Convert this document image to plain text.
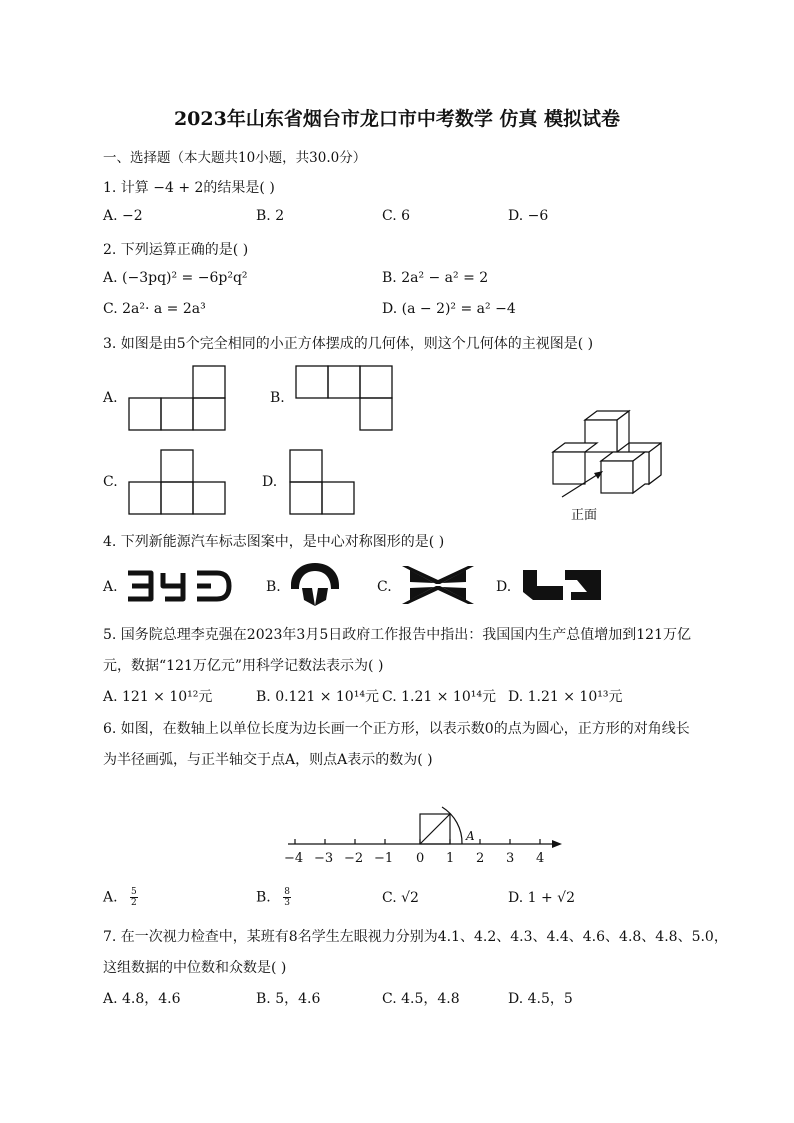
2023年山东省烟台市龙口市中考数学 仿真 模拟试卷
一、选择题（本大题共10小题，共30.0分）
1. 计算 −4 + 2的结果是( )
A. −2	B. 2	C. 6	D. −6
2. 下列运算正确的是( )
A. (−3pq)² = −6p²q²	B. 2a² − a² = 2
C. 2a²· a = 2a³	D. (a − 2)² = a² −4
3. 如图是由5个完全相同的小正方体摆成的几何体，则这个几何体的主视图是( )
A.	B.
C.	D.
正面
4. 下列新能源汽车标志图案中，是中心对称图形的是( )
A.	B.	C.	D.
5. 国务院总理李克强在2023年3月5日政府工作报告中指出：我国国内生产总值增加到121万亿
元，数据“121万亿元”用科学记数法表示为( )
A. 121 × 10¹²元	B. 0.121 × 10¹⁴元 C. 1.21 × 10¹⁴元 D. 1.21 × 10¹³元
6. 如图，在数轴上以单位长度为边长画一个正方形，以表示数0的点为圆心，正方形的对角线长
为半径画弧，与正半轴交于点A，则点A表示的数为( )
−4 −3 −2 −1 0 1 2 3 4
A
A. $\frac{5}{2}$	B. $\frac{8}{3}$	C. √2	D. 1 + √2
7. 在一次视力检查中，某班有8名学生左眼视力分别为4.1、4.2、4.3、4.4、4.6、4.8、4.8、5.0，
这组数据的中位数和众数是( )
A. 4.8，4.6	B. 5，4.6	C. 4.5，4.8	D. 4.5，5
